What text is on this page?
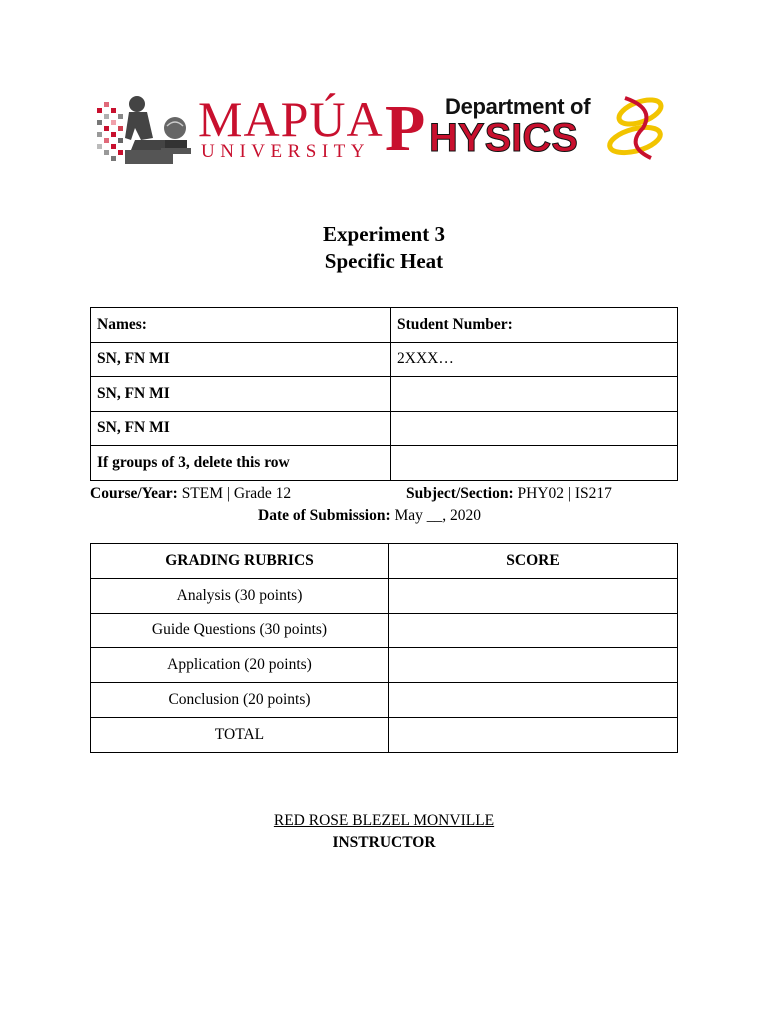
MAPÚA
UNIVERSITY P Department of
HYSICS
Experiment 3
Specific Heat
Names:	Student Number:
SN, FN MI	2XXX…
SN, FN MI	
SN, FN MI	
If groups of 3, delete this row	
Course/Year: STEM | Grade 12	Subject/Section: PHY02 | IS217
Date of Submission: May __, 2020
GRADING RUBRICS	SCORE
Analysis (30 points)	
Guide Questions (30 points)	
Application (20 points)	
Conclusion (20 points)	
TOTAL	
RED ROSE BLEZEL MONVILLE
INSTRUCTOR
